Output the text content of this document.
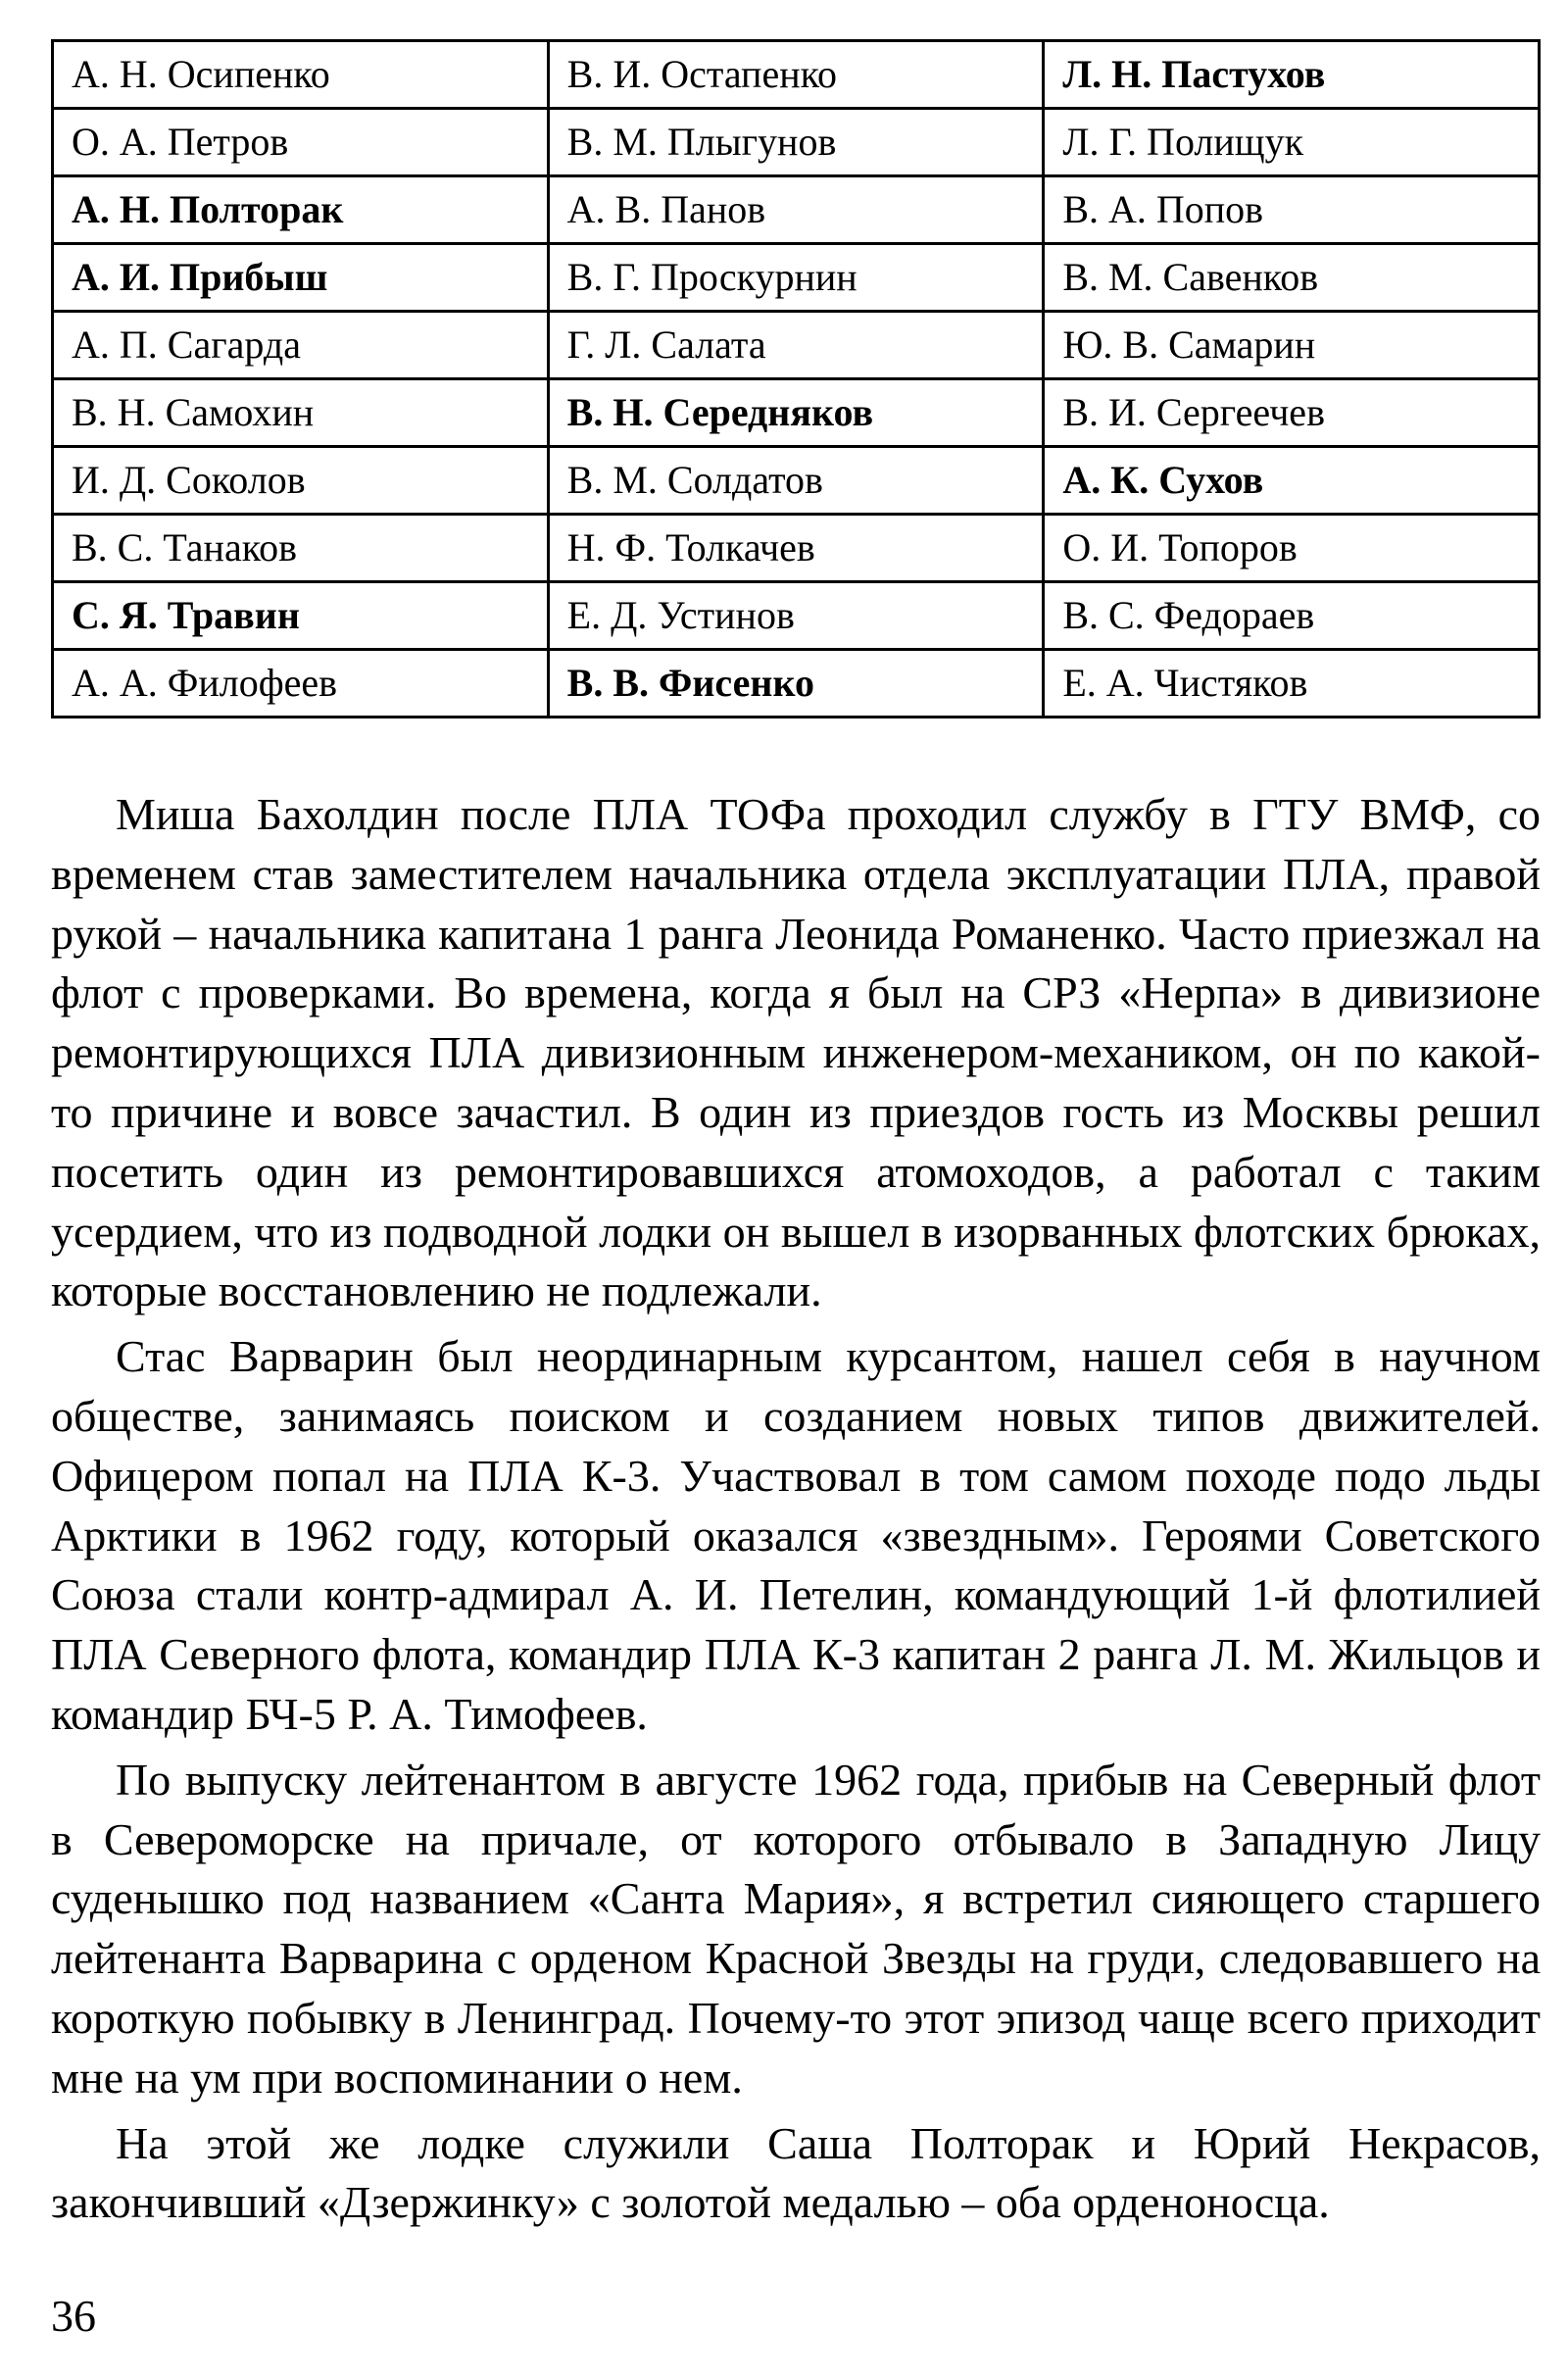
А. Н. Осипенко	В. И. Остапенко	Л. Н. Пастухов
О. А. Петров	В. М. Плыгунов	Л. Г. Полищук
А. Н. Полторак	А. В. Панов	В. А. Попов
А. И. Прибыш	В. Г. Проскурнин	В. М. Савенков
А. П. Сагарда	Г. Л. Салата	Ю. В. Самарин
В. Н. Самохин	В. Н. Середняков	В. И. Сергеечев
И. Д. Соколов	В. М. Солдатов	А. К. Сухов
В. С. Танаков	Н. Ф. Толкачев	О. И. Топоров
С. Я. Травин	Е. Д. Устинов	В. С. Федораев
А. А. Филофеев	В. В. Фисенко	Е. А. Чистяков

Миша Бахолдин после ПЛА ТОФа проходил службу в ГТУ ВМФ, со временем став заместителем начальника отдела эксплуатации ПЛА, правой рукой – начальника капитана 1 ранга Леонида Романенко. Часто приезжал на флот с проверками. Во времена, когда я был на СРЗ «Нерпа» в дивизионе ремонтирующихся ПЛА дивизионным инженером-механиком, он по какой-то причине и вовсе зачастил. В один из приездов гость из Москвы решил посетить один из ремонтировавшихся атомоходов, а работал с таким усердием, что из подводной лодки он вышел в изорванных флотских брюках, которые восстановлению не подлежали.

Стас Варварин был неординарным курсантом, нашел себя в научном обществе, занимаясь поиском и созданием новых типов движителей. Офицером попал на ПЛА К-3. Участвовал в том самом походе подо льды Арктики в 1962 году, который оказался «звездным». Героями Советского Союза стали контр-адмирал А. И. Петелин, командующий 1-й флотилией ПЛА Северного флота, командир ПЛА К-3 капитан 2 ранга Л. М. Жильцов и командир БЧ-5 Р. А. Тимофеев.

По выпуску лейтенантом в августе 1962 года, прибыв на Северный флот в Североморске на причале, от которого отбывало в Западную Лицу суденышко под названием «Санта Мария», я встретил сияющего старшего лейтенанта Варварина с орденом Красной Звезды на груди, следовавшего на короткую побывку в Ленинград. Почему-то этот эпизод чаще всего приходит мне на ум при воспоминании о нем.

На этой же лодке служили Саша Полторак и Юрий Некрасов, закончивший «Дзержинку» с золотой медалью – оба орденоносца.

36
